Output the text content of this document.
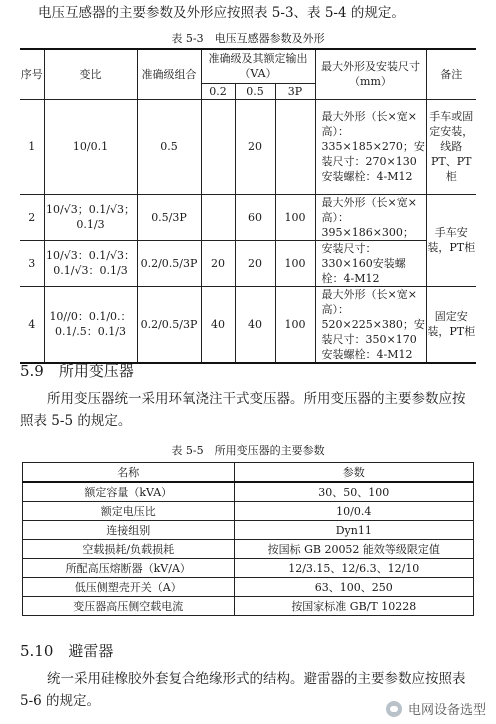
电压互感器的主要参数及外形应按照表 5-3、表 5-4 的规定。
表 5-3　电压互感器参数及外形
序号	变比	准确级组合	准确级及其额定输出（VA）			最大外形及安装尺寸（mm）	备注
			0.2	0.5	3P		
1	10/0.1	0.5		20		最大外形（长×宽×高）：335×185×270；安装尺寸：270×130安装螺栓：4-M12	手车或固定安装，线路 PT、PT 柜
2	10/√3；0.1/√3；0.1/3	0.5/3P		60	100	最大外形（长×宽×高）：395×186×300；	手车安装，PT柜
3	10/√3：0.1/√3：0.1/√3：0.1/3	0.2/0.5/3P	20	20	100	安装尺寸：330×160安装螺栓：4-M12	
4	10//0：0.1/0.：0.1/.5：0.1/3	0.2/0.5/3P	40	40	100	最大外形（长×宽×高）：520×225×380；安装尺寸：350×170安装螺栓：4-M12	固定安装，PT柜
5.9　所用变压器
所用变压器统一采用环氧浇注干式变压器。所用变压器的主要参数应按照表 5-5 的规定。
表 5-5　所用变压器的主要参数
名称	参数
额定容量（kVA）	30、50、100
额定电压比	10/0.4
连接组别	Dyn11
空载损耗/负载损耗	按国标 GB 20052 能效等级限定值
所配高压熔断器（kV/A）	12/3.15、12/6.3、12/10
低压侧塑壳开关（A）	63、100、250
变压器高压侧空载电流	按国家标准 GB/T 10228
5.10　避雷器
统一采用硅橡胶外套复合绝缘形式的结构。避雷器的主要参数应按照表 5-6 的规定。
电网设备选型
